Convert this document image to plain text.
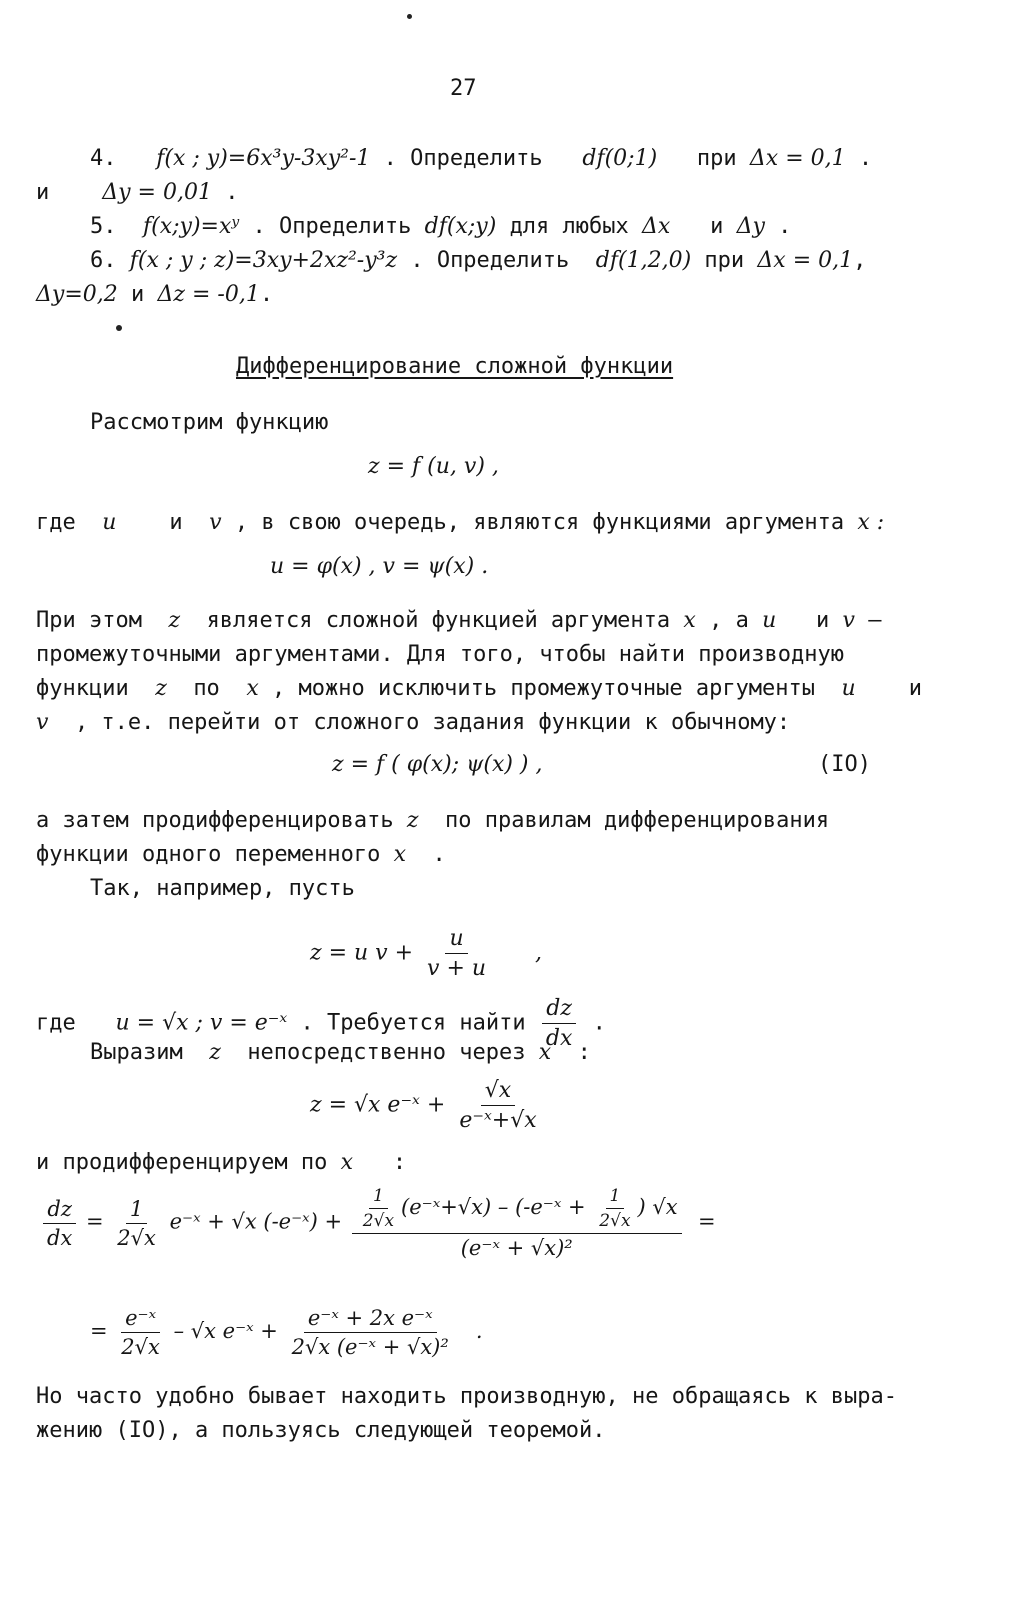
27
4. f(x ; y)=6x³y-3xy²-1 . Определить df(0;1) при Δx = 0,1 .
и Δy = 0,01 .
5. f(x;y)=xʸ . Определить df(x;y) для любых Δx и Δy .
6. f(x ; y ; z)=3xy+2xz²-y³z . Определить df(1,2,0) при Δx = 0,1,
Δy=0,2 и Δz = -0,1.
Дифференцирование сложной функции
Рассмотрим функцию
z = f (u, v) ,
где u и v , в свою очередь, являются функциями аргумента x :
u = φ(x) , v = ψ(x) .
При этом z является сложной функцией аргумента x , а u и v –
промежуточными аргументами. Для того, чтобы найти производную
функции z по x , можно исключить промежуточные аргументы u и
v , т.е. перейти от сложного задания функции к обычному:
z = f ( φ(x); ψ(x) ) ,	(IO)
а затем продифференцировать z по правилам дифференцирования
функции одного переменного x .
Так, например, пусть
z = u $v + \frac{u}{v + u}$ ,
где u = √x ; v = e⁻ˣ . Требуется найти $\frac{dz}{dx}$ .
Выразим z непосредственно через x :
z = √x e⁻ˣ + $\frac{√x}{\text{e⁻ˣ+√x}}$
и продифференцируем по x :
$\frac{dz}{dx} = \frac{1}{2√x}$ e⁻ˣ + √x (-e⁻ˣ) + $\frac{1}{2√x}$ (e⁻ˣ+√x) – (-e⁻ˣ + $\frac{1}{2√x}$ ) √x
(e⁻ˣ + √x)²
=
= $\frac{\text{e⁻ˣ}}{2√x} - √x$ e⁻ˣ + $\frac{\text{e⁻ˣ + 2x e⁻ˣ}}{\text{2√x (e⁻ˣ + √x)²}}$ .
Но часто удобно бывает находить производную, не обращаясь к выра-
жению (IO), а пользуясь следующей теоремой.
